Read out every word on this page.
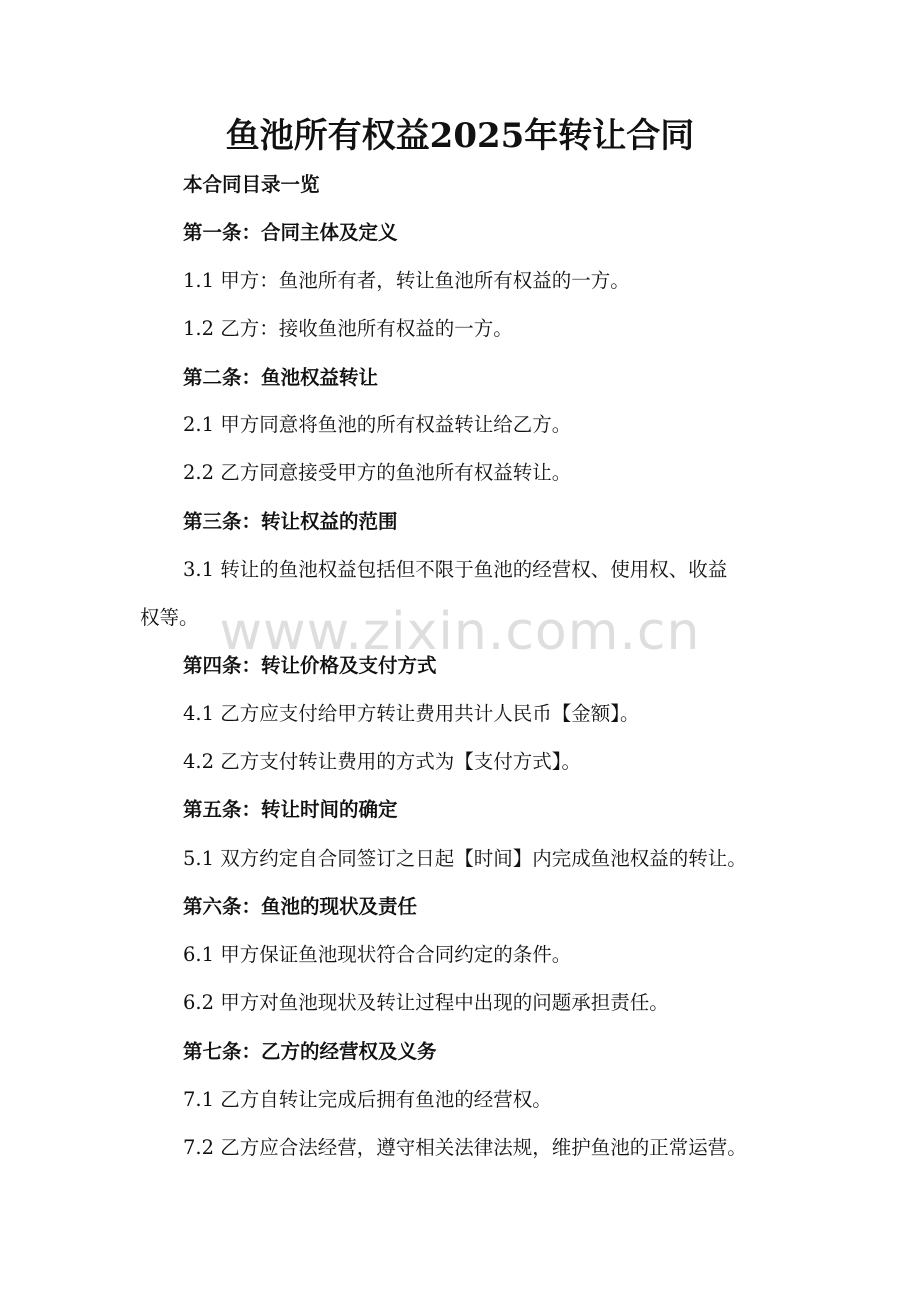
鱼池所有权益2025年转让合同
本合同目录一览
第一条：合同主体及定义
1.1 甲方：鱼池所有者，转让鱼池所有权益的一方。
1.2 乙方：接收鱼池所有权益的一方。
第二条：鱼池权益转让
2.1 甲方同意将鱼池的所有权益转让给乙方。
2.2 乙方同意接受甲方的鱼池所有权益转让。
第三条：转让权益的范围
3.1 转让的鱼池权益包括但不限于鱼池的经营权、使用权、收益
权等。
第四条：转让价格及支付方式
4.1 乙方应支付给甲方转让费用共计人民币【金额】。
4.2 乙方支付转让费用的方式为【支付方式】。
第五条：转让时间的确定
5.1 双方约定自合同签订之日起【时间】内完成鱼池权益的转让。
第六条：鱼池的现状及责任
6.1 甲方保证鱼池现状符合合同约定的条件。
6.2 甲方对鱼池现状及转让过程中出现的问题承担责任。
第七条：乙方的经营权及义务
7.1 乙方自转让完成后拥有鱼池的经营权。
7.2 乙方应合法经营，遵守相关法律法规，维护鱼池的正常运营。
www.zixin.com.cn
